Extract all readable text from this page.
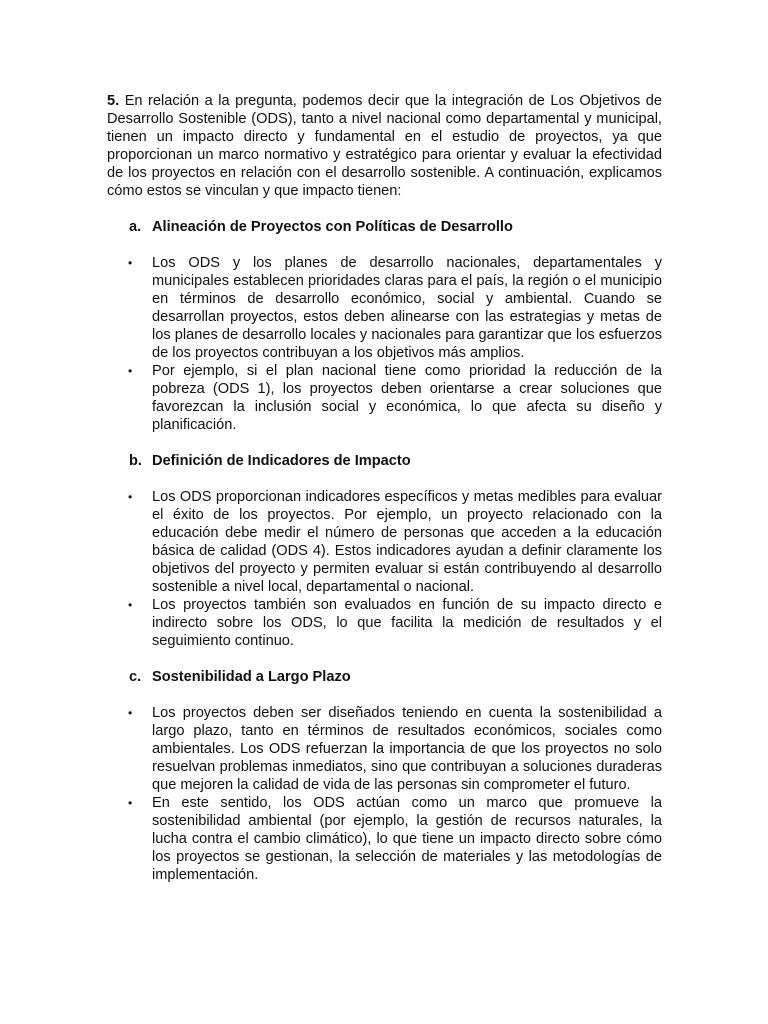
5. En relación a la pregunta, podemos decir que la integración de Los Objetivos de Desarrollo Sostenible (ODS), tanto a nivel nacional como departamental y municipal, tienen un impacto directo y fundamental en el estudio de proyectos, ya que proporcionan un marco normativo y estratégico para orientar y evaluar la efectividad de los proyectos en relación con el desarrollo sostenible. A continuación, explicamos cómo estos se vinculan y que impacto tienen:

a. Alineación de Proyectos con Políticas de Desarrollo
• Los ODS y los planes de desarrollo nacionales, departamentales y municipales establecen prioridades claras para el país, la región o el municipio en términos de desarrollo económico, social y ambiental. Cuando se desarrollan proyectos, estos deben alinearse con las estrategias y metas de los planes de desarrollo locales y nacionales para garantizar que los esfuerzos de los proyectos contribuyan a los objetivos más amplios.
• Por ejemplo, si el plan nacional tiene como prioridad la reducción de la pobreza (ODS 1), los proyectos deben orientarse a crear soluciones que favorezcan la inclusión social y económica, lo que afecta su diseño y planificación.
b. Definición de Indicadores de Impacto
• Los ODS proporcionan indicadores específicos y metas medibles para evaluar el éxito de los proyectos. Por ejemplo, un proyecto relacionado con la educación debe medir el número de personas que acceden a la educación básica de calidad (ODS 4). Estos indicadores ayudan a definir claramente los objetivos del proyecto y permiten evaluar si están contribuyendo al desarrollo sostenible a nivel local, departamental o nacional.
• Los proyectos también son evaluados en función de su impacto directo e indirecto sobre los ODS, lo que facilita la medición de resultados y el seguimiento continuo.
c. Sostenibilidad a Largo Plazo
• Los proyectos deben ser diseñados teniendo en cuenta la sostenibilidad a largo plazo, tanto en términos de resultados económicos, sociales como ambientales. Los ODS refuerzan la importancia de que los proyectos no solo resuelvan problemas inmediatos, sino que contribuyan a soluciones duraderas que mejoren la calidad de vida de las personas sin comprometer el futuro.
• En este sentido, los ODS actúan como un marco que promueve la sostenibilidad ambiental (por ejemplo, la gestión de recursos naturales, la lucha contra el cambio climático), lo que tiene un impacto directo sobre cómo los proyectos se gestionan, la selección de materiales y las metodologías de implementación.
